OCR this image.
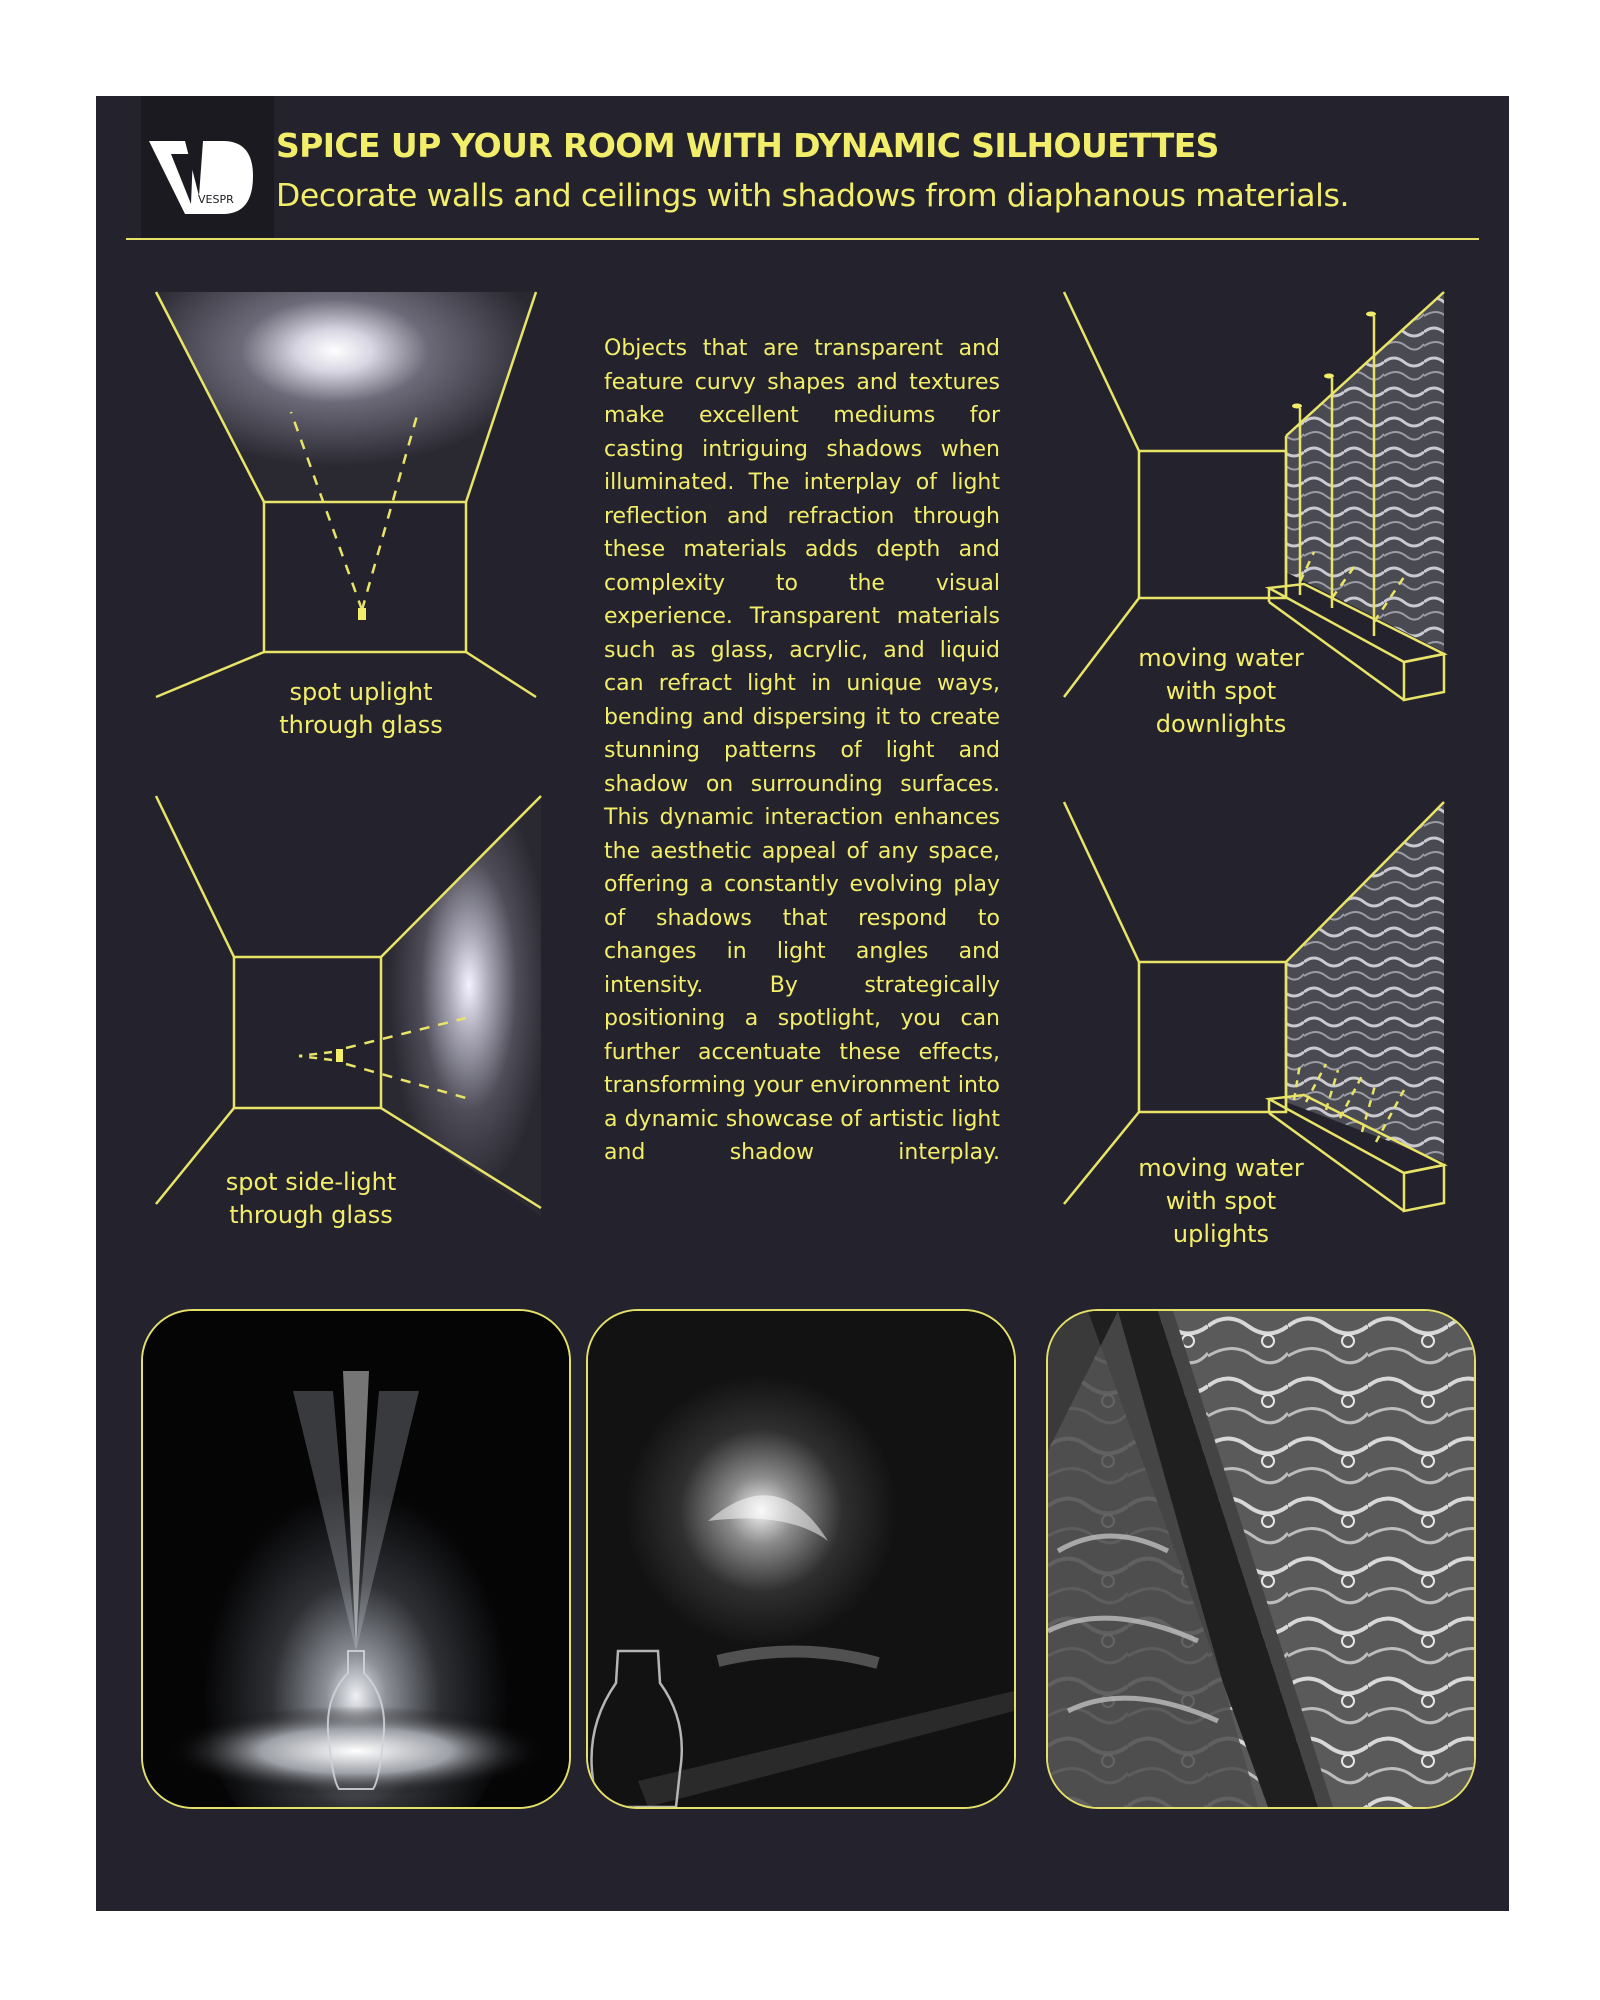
VESPR
SPICE UP YOUR ROOM WITH DYNAMIC SILHOUETTES
Decorate walls and ceilings with shadows from diaphanous materials.
spot uplight
through glass
moving water
with spot
downlights
spot side-light
through glass
moving water
with spot
uplights
Objects that are transparent and feature curvy shapes and textures make excellent mediums for casting intriguing shadows when illuminated. The interplay of light reflection and refraction through these materials adds depth and complexity to the visual experience. Transparent materials such as glass, acrylic, and liquid can refract light in unique ways, bending and dispersing it to create stunning patterns of light and shadow on surrounding surfaces. This dynamic interaction enhances the aesthetic appeal of any space, offering a constantly evolving play of shadows that respond to changes in light angles and intensity. By strategically positioning a spotlight, you can further accentuate these effects, transforming your environment into a dynamic showcase of artistic light and shadow interplay.
